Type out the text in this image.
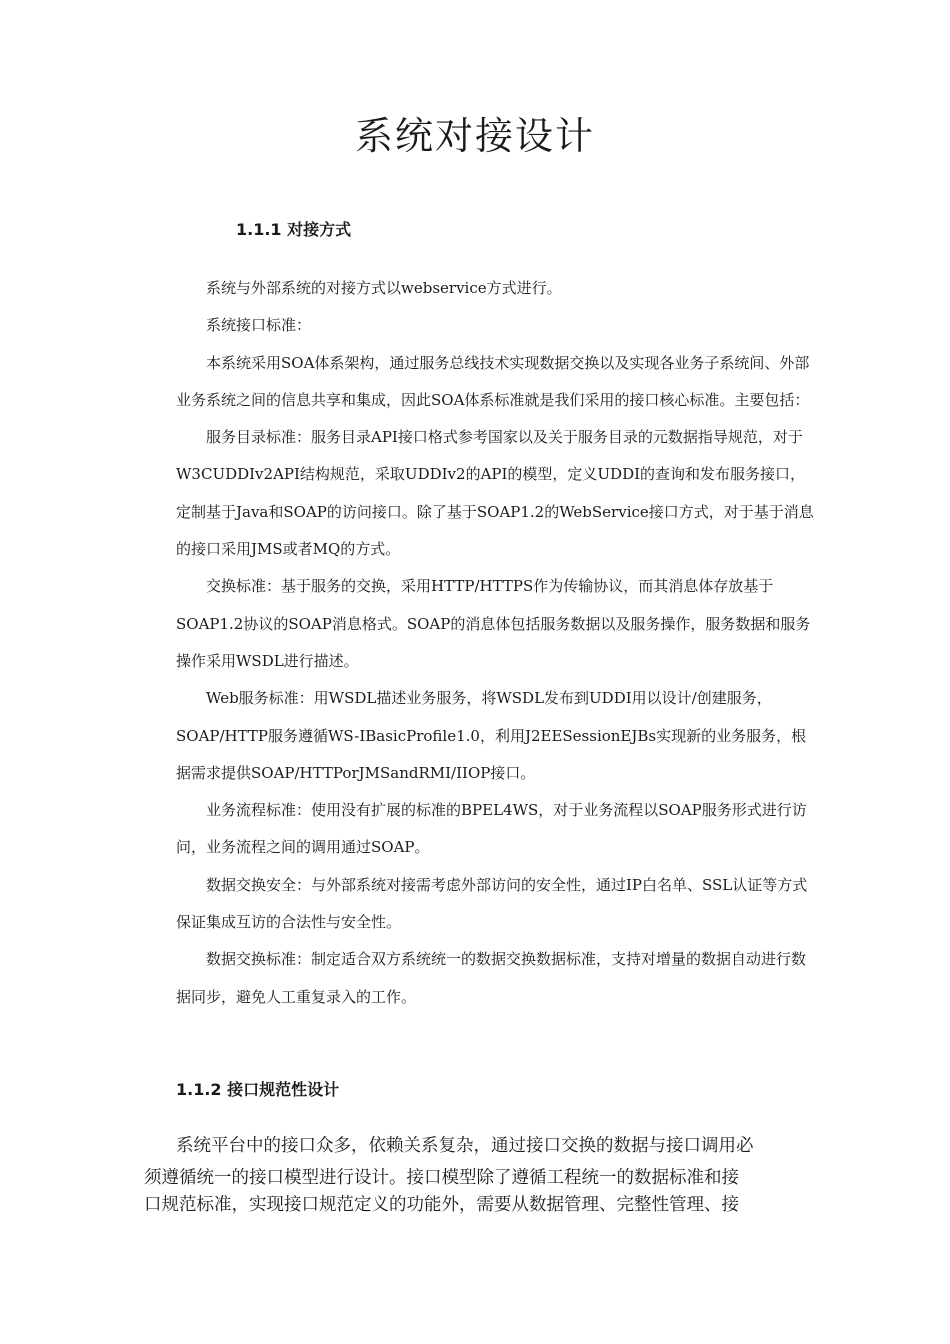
系统对接设计
1.1.1 对接方式

系统与外部系统的对接方式以webservice方式进行。

系统接口标准：

本系统采用SOA体系架构，通过服务总线技术实现数据交换以及实现各业务子系统间、外部业务系统之间的信息共享和集成，因此SOA体系标准就是我们采用的接口核心标准。主要包括：

服务目录标准：服务目录API接口格式参考国家以及关于服务目录的元数据指导规范，对于W3CUDDIv2API结构规范，采取UDDIv2的API的模型，定义UDDI的查询和发布服务接口，定制基于Java和SOAP的访问接口。除了基于SOAP1.2的WebService接口方式，对于基于消息的接口采用JMS或者MQ的方式。

交换标准：基于服务的交换，采用HTTP/HTTPS作为传输协议，而其消息体存放基于SOAP1.2协议的SOAP消息格式。SOAP的消息体包括服务数据以及服务操作，服务数据和服务操作采用WSDL进行描述。

Web服务标准：用WSDL描述业务服务，将WSDL发布到UDDI用以设计/创建服务，SOAP/HTTP服务遵循WS-IBasicProfile1.0，利用J2EESessionEJBs实现新的业务服务，根据需求提供SOAP/HTTPorJMSandRMI/IIOP接口。

业务流程标准：使用没有扩展的标准的BPEL4WS，对于业务流程以SOAP服务形式进行访问，业务流程之间的调用通过SOAP。

数据交换安全：与外部系统对接需考虑外部访问的安全性，通过IP白名单、SSL认证等方式保证集成互访的合法性与安全性。

数据交换标准：制定适合双方系统统一的数据交换数据标准，支持对增量的数据自动进行数据同步，避免人工重复录入的工作。

1.1.2 接口规范性设计

系统平台中的接口众多，依赖关系复杂，通过接口交换的数据与接口调用必

须遵循统一的接口模型进行设计。接口模型除了遵循工程统一的数据标准和接

口规范标准，实现接口规范定义的功能外，需要从数据管理、完整性管理、接
